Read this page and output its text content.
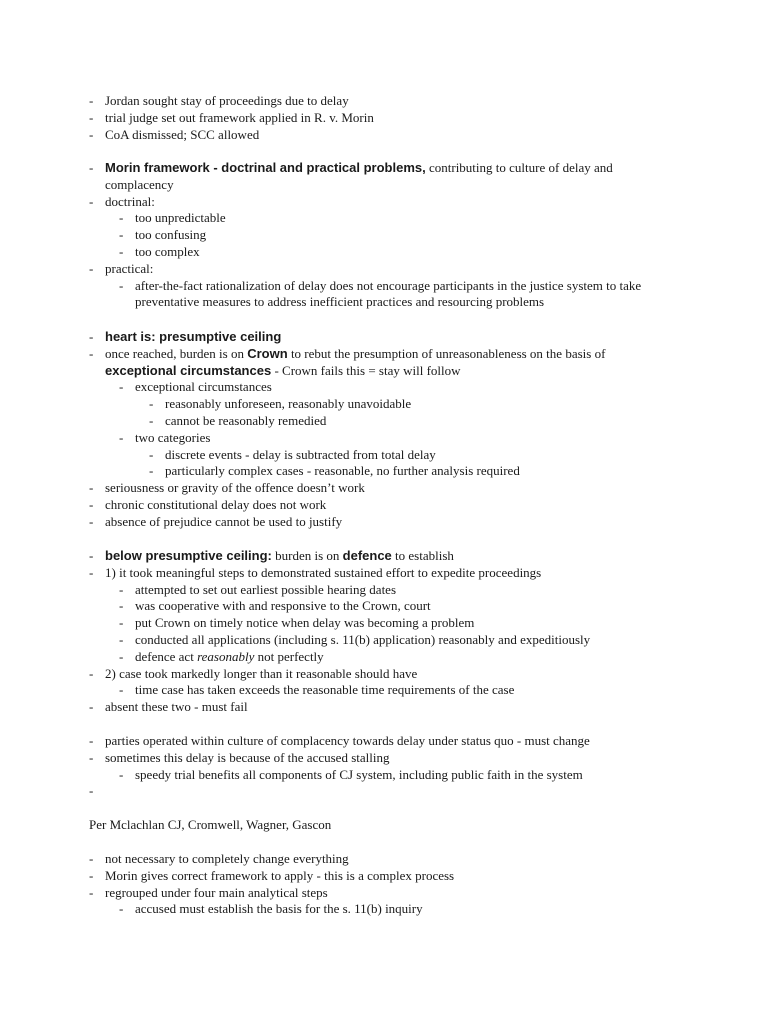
- Jordan sought stay of proceedings due to delay
- trial judge set out framework applied in R. v. Morin
- CoA dismissed; SCC allowed
- Morin framework - doctrinal and practical problems, contributing to culture of delay and complacency
- doctrinal:
- too unpredictable
- too confusing
- too complex
- practical:
- after-the-fact rationalization of delay does not encourage participants in the justice system to take preventative measures to address inefficient practices and resourcing problems
- heart is: presumptive ceiling
- once reached, burden is on Crown to rebut the presumption of unreasonableness on the basis of exceptional circumstances - Crown fails this = stay will follow
- exceptional circumstances
- reasonably unforeseen, reasonably unavoidable
- cannot be reasonably remedied
- two categories
- discrete events - delay is subtracted from total delay
- particularly complex cases - reasonable, no further analysis required
- seriousness or gravity of the offence doesn’t work
- chronic constitutional delay does not work
- absence of prejudice cannot be used to justify
- below presumptive ceiling: burden is on defence to establish
- 1) it took meaningful steps to demonstrated sustained effort to expedite proceedings
- attempted to set out earliest possible hearing dates
- was cooperative with and responsive to the Crown, court
- put Crown on timely notice when delay was becoming a problem
- conducted all applications (including s. 11(b) application) reasonably and expeditiously
- defence act reasonably not perfectly
- 2) case took markedly longer than it reasonable should have
- time case has taken exceeds the reasonable time requirements of the case
- absent these two - must fail
- parties operated within culture of complacency towards delay under status quo - must change
- sometimes this delay is because of the accused stalling
- speedy trial benefits all components of CJ system, including public faith in the system
-

Per Mclachlan CJ, Cromwell, Wagner, Gascon
- not necessary to completely change everything
- Morin gives correct framework to apply - this is a complex process
- regrouped under four main analytical steps
- accused must establish the basis for the s. 11(b) inquiry
